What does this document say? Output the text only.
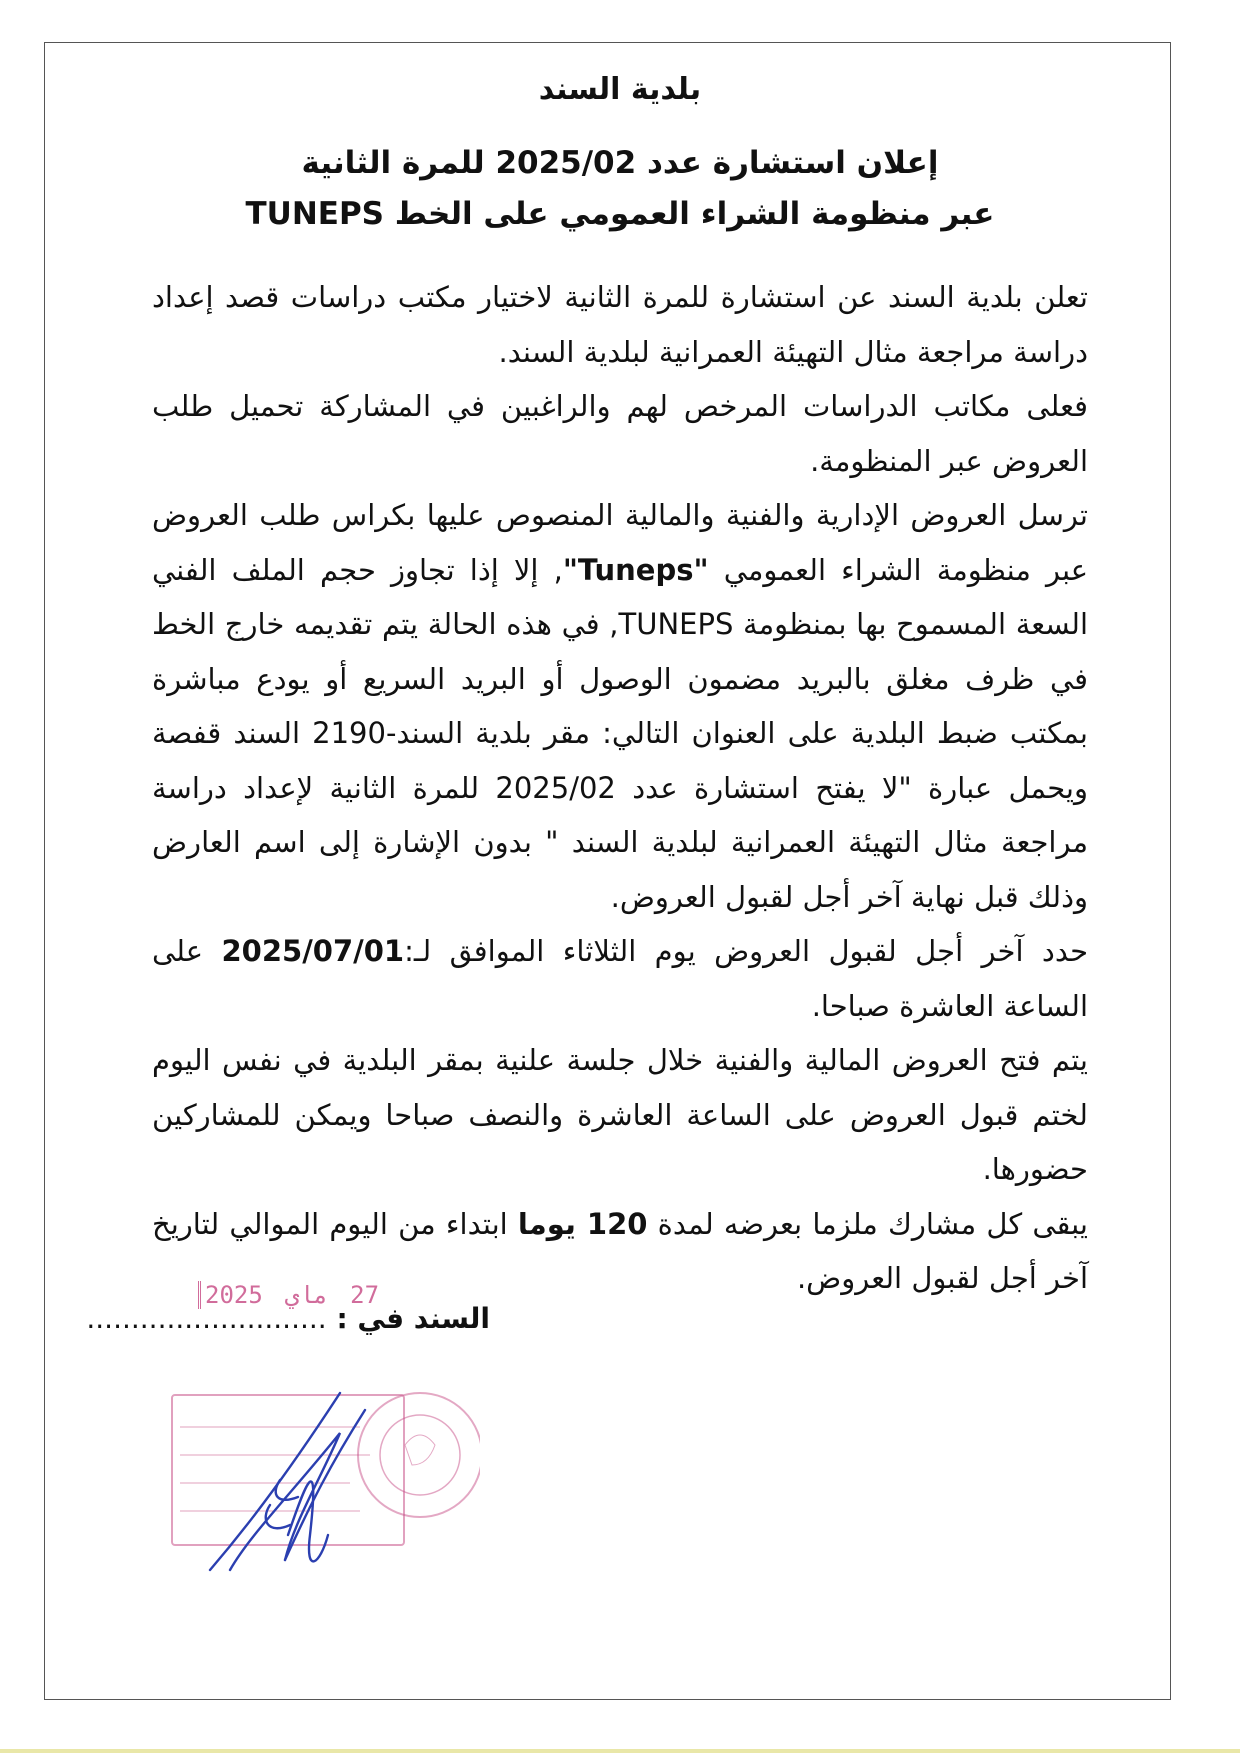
بلدية السند
إعلان استشارة عدد 2025/02 للمرة الثانية
عبر منظومة الشراء العمومي على الخط TUNEPS

تعلن بلدية السند عن استشارة للمرة الثانية لاختيار مكتب دراسات قصد إعداد دراسة مراجعة مثال التهيئة العمرانية لبلدية السند.

فعلى مكاتب الدراسات المرخص لهم والراغبين في المشاركة تحميل طلب العروض عبر المنظومة.

ترسل العروض الإدارية والفنية والمالية المنصوص عليها بكراس طلب العروض عبر منظومة الشراء العمومي "Tuneps", إلا إذا تجاوز حجم الملف الفني السعة المسموح بها بمنظومة TUNEPS, في هذه الحالة يتم تقديمه خارج الخط في ظرف مغلق بالبريد مضمون الوصول أو البريد السريع أو يودع مباشرة بمكتب ضبط البلدية على العنوان التالي: مقر بلدية السند-2190 السند قفصة ويحمل عبارة "لا يفتح استشارة عدد 2025/02 للمرة الثانية لإعداد دراسة مراجعة مثال التهيئة العمرانية لبلدية السند " بدون الإشارة إلى اسم العارض وذلك قبل نهاية آخر أجل لقبول العروض.

حدد آخر أجل لقبول العروض يوم الثلاثاء الموافق لـ:2025/07/01 على الساعة العاشرة صباحا.

يتم فتح العروض المالية والفنية خلال جلسة علنية بمقر البلدية في نفس اليوم لختم قبول العروض على الساعة العاشرة والنصف صباحا ويمكن للمشاركين حضورها.

يبقى كل مشارك ملزما بعرضه لمدة 120 يوما ابتداء من اليوم الموالي لتاريخ آخر أجل لقبول العروض.

السند في : ...........................
2025 ماي 27
